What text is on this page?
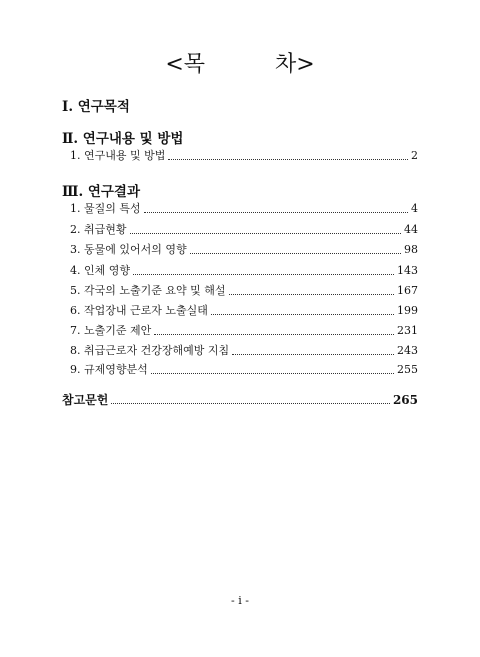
<목          차>
Ⅰ. 연구목적
Ⅱ. 연구내용 및 방법
1. 연구내용 및 방법	2
Ⅲ. 연구결과
1. 물질의 특성	4
2. 취급현황	44
3. 동물에 있어서의 영향	98
4. 인체 영향	143
5. 각국의 노출기준 요약 및 해설	167
6. 작업장내 근로자 노출실태	199
7. 노출기준 제안	231
8. 취급근로자 건강장해예방 지침	243
9. 규제영향분석	255
참고문헌	265
- i -
